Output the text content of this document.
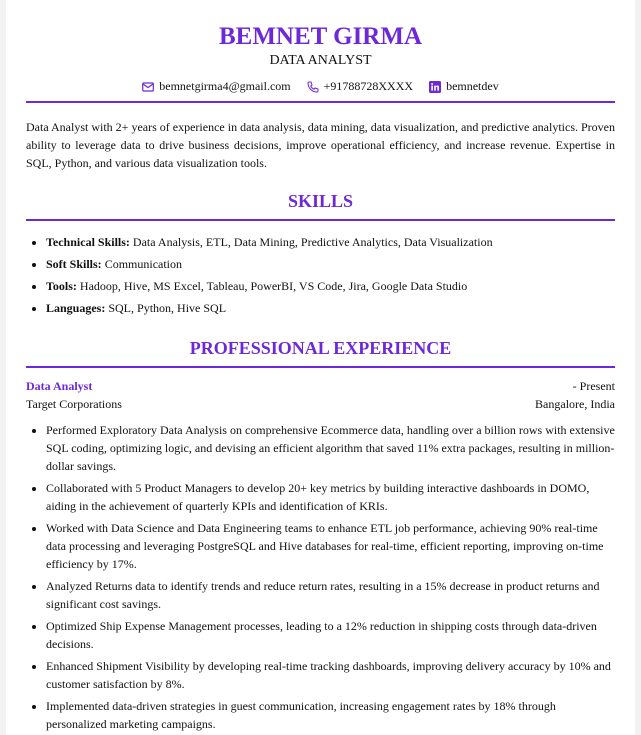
BEMNET GIRMA
DATA ANALYST
bemnetgirma4@gmail.com	+91788728XXXX	bemnetdev
Data Analyst with 2+ years of experience in data analysis, data mining, data visualization, and predictive analytics. Proven ability to leverage data to drive business decisions, improve operational efficiency, and increase revenue. Expertise in SQL, Python, and various data visualization tools.
SKILLS
• Technical Skills: Data Analysis, ETL, Data Mining, Predictive Analytics, Data Visualization
• Soft Skills: Communication
• Tools: Hadoop, Hive, MS Excel, Tableau, PowerBI, VS Code, Jira, Google Data Studio
• Languages: SQL, Python, Hive SQL
PROFESSIONAL EXPERIENCE
Data Analyst	- Present
Target Corporations	Bangalore, India
• Performed Exploratory Data Analysis on comprehensive Ecommerce data, handling over a billion rows with extensive SQL coding, optimizing logic, and devising an efficient algorithm that saved 11% extra packages, resulting in million-dollar savings.
• Collaborated with 5 Product Managers to develop 20+ key metrics by building interactive dashboards in DOMO, aiding in the achievement of quarterly KPIs and identification of KRIs.
• Worked with Data Science and Data Engineering teams to enhance ETL job performance, achieving 90% real-time data processing and leveraging PostgreSQL and Hive databases for real-time, efficient reporting, improving on-time efficiency by 17%.
• Analyzed Returns data to identify trends and reduce return rates, resulting in a 15% decrease in product returns and significant cost savings.
• Optimized Ship Expense Management processes, leading to a 12% reduction in shipping costs through data-driven decisions.
• Enhanced Shipment Visibility by developing real-time tracking dashboards, improving delivery accuracy by 10% and customer satisfaction by 8%.
• Implemented data-driven strategies in guest communication, increasing engagement rates by 18% through personalized marketing campaigns.
